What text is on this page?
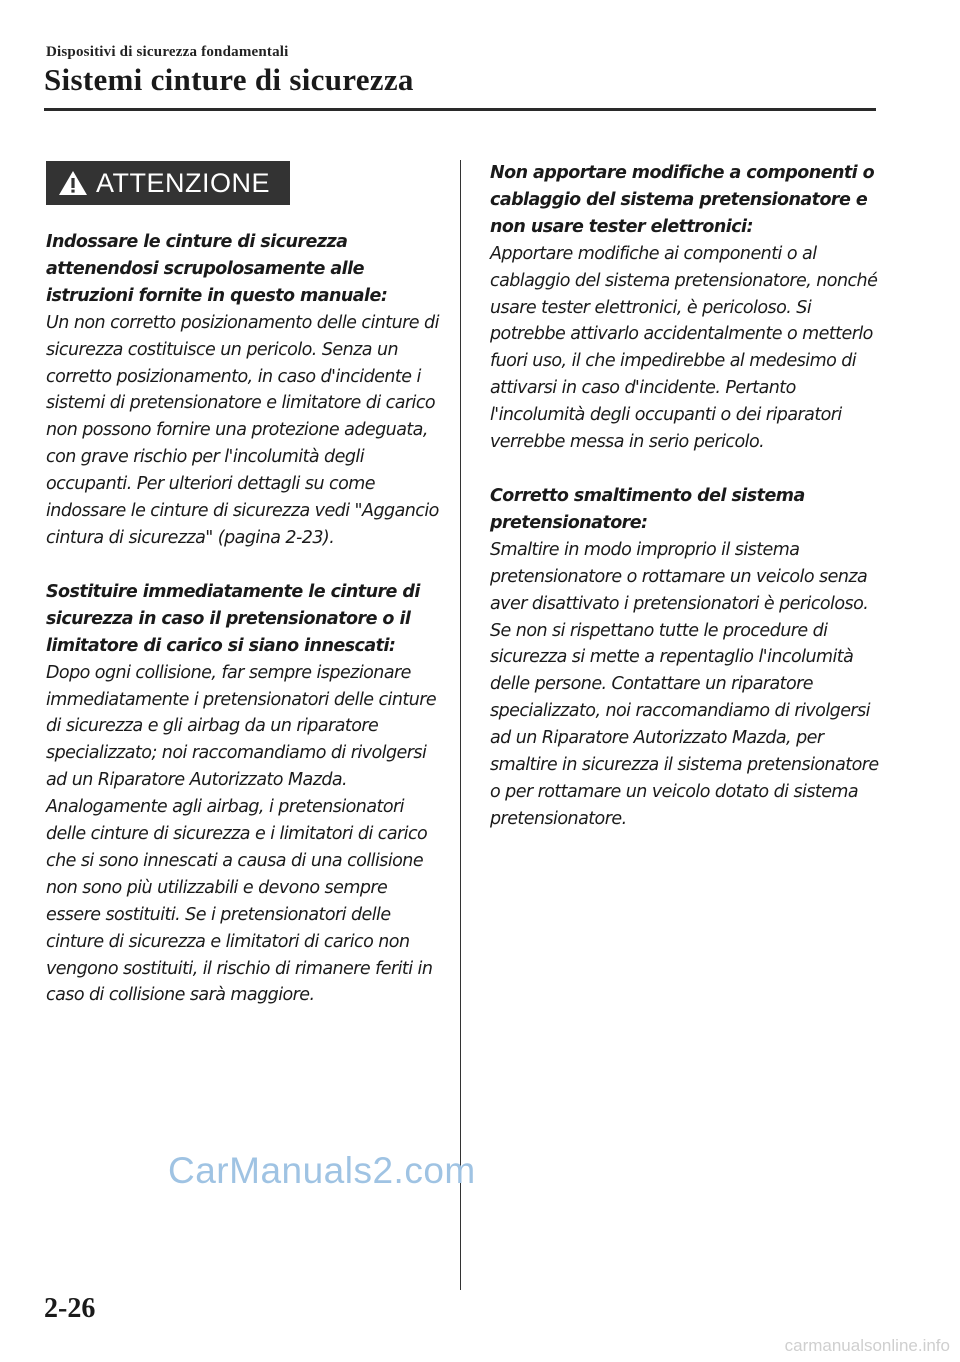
Dispositivi di sicurezza fondamentali
Sistemi cinture di sicurezza
ATTENZIONE
Indossare le cinture di sicurezza attenendosi scrupolosamente alle istruzioni fornite in questo manuale:
Un non corretto posizionamento delle cinture di sicurezza costituisce un pericolo. Senza un corretto posizionamento, in caso d'incidente i sistemi di pretensionatore e limitatore di carico non possono fornire una protezione adeguata, con grave rischio per l'incolumità degli occupanti. Per ulteriori dettagli su come indossare le cinture di sicurezza vedi "Aggancio cintura di sicurezza" (pagina 2-23).
Sostituire immediatamente le cinture di sicurezza in caso il pretensionatore o il limitatore di carico si siano innescati:
Dopo ogni collisione, far sempre ispezionare immediatamente i pretensionatori delle cinture di sicurezza e gli airbag da un riparatore specializzato; noi raccomandiamo di rivolgersi ad un Riparatore Autorizzato Mazda. Analogamente agli airbag, i pretensionatori delle cinture di sicurezza e i limitatori di carico che si sono innescati a causa di una collisione non sono più utilizzabili e devono sempre essere sostituiti. Se i pretensionatori delle cinture di sicurezza e limitatori di carico non vengono sostituiti, il rischio di rimanere feriti in caso di collisione sarà maggiore.
Non apportare modifiche a componenti o cablaggio del sistema pretensionatore e non usare tester elettronici:
Apportare modifiche ai componenti o al cablaggio del sistema pretensionatore, nonché usare tester elettronici, è pericoloso. Si potrebbe attivarlo accidentalmente o metterlo fuori uso, il che impedirebbe al medesimo di attivarsi in caso d'incidente. Pertanto l'incolumità degli occupanti o dei riparatori verrebbe messa in serio pericolo.
Corretto smaltimento del sistema pretensionatore:
Smaltire in modo improprio il sistema pretensionatore o rottamare un veicolo senza aver disattivato i pretensionatori è pericoloso. Se non si rispettano tutte le procedure di sicurezza si mette a repentaglio l'incolumità delle persone. Contattare un riparatore specializzato, noi raccomandiamo di rivolgersi ad un Riparatore Autorizzato Mazda, per smaltire in sicurezza il sistema pretensionatore o per rottamare un veicolo dotato di sistema pretensionatore.
CarManuals2.com
2-26
carmanualsonline.info
